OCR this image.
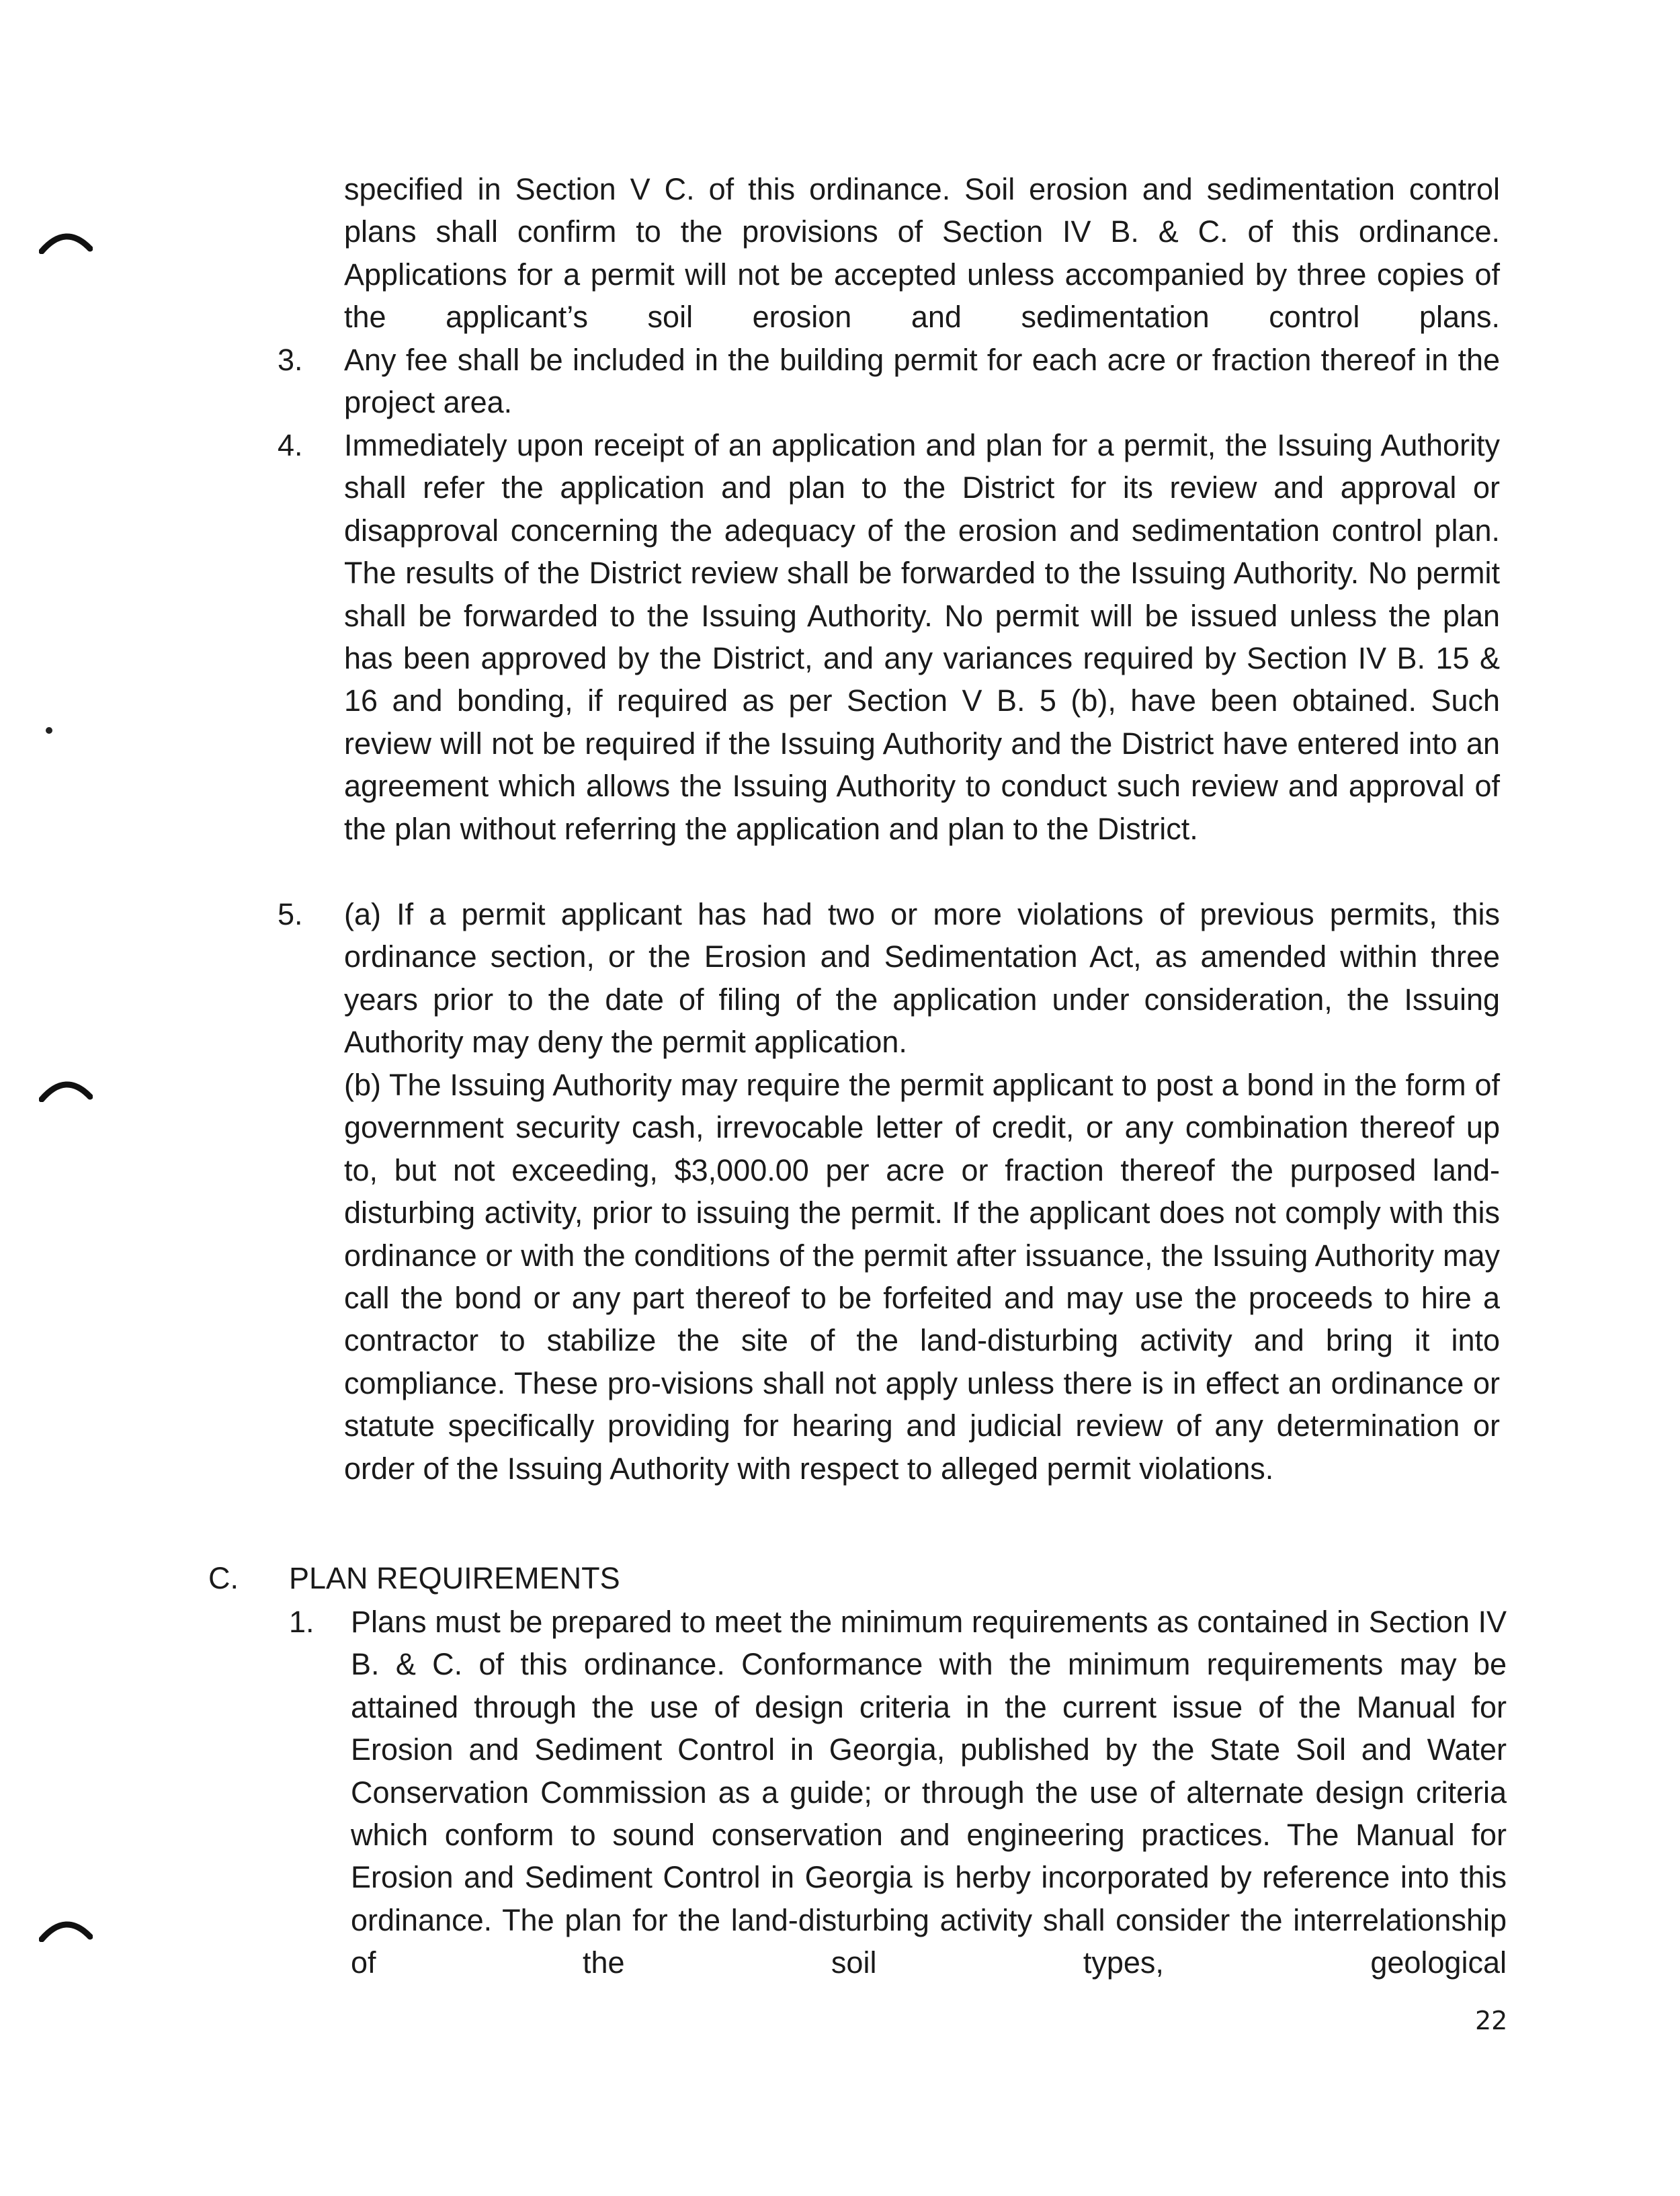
specified in Section V C. of this ordinance. Soil erosion and sedimentation control plans shall confirm to the provisions of Section IV B. & C. of this ordinance. Applications for a permit will not be accepted unless accompanied by three copies of the applicant’s soil erosion and sedimentation control plans.
3. Any fee shall be included in the building permit for each acre or fraction thereof in the project area.
4. Immediately upon receipt of an application and plan for a permit, the Issuing Authority shall refer the application and plan to the District for its review and approval or disapproval concerning the adequacy of the erosion and sedimentation control plan. The results of the District review shall be forwarded to the Issuing Authority. No permit shall be forwarded to the Issuing Authority. No permit will be issued unless the plan has been approved by the District, and any variances required by Section IV B. 15 & 16 and bonding, if required as per Section V B. 5 (b), have been obtained. Such review will not be required if the Issuing Authority and the District have entered into an agreement which allows the Issuing Authority to conduct such review and approval of the plan without referring the application and plan to the District.
5. (a) If a permit applicant has had two or more violations of previous permits, this ordinance section, or the Erosion and Sedimentation Act, as amended within three years prior to the date of filing of the application under consideration, the Issuing Authority may deny the permit application.
(b) The Issuing Authority may require the permit applicant to post a bond in the form of government security cash, irrevocable letter of credit, or any combination thereof up to, but not exceeding, $3,000.00 per acre or fraction thereof the purposed land-disturbing activity, prior to issuing the permit. If the applicant does not comply with this ordinance or with the conditions of the permit after issuance, the Issuing Authority may call the bond or any part thereof to be forfeited and may use the proceeds to hire a contractor to stabilize the site of the land-disturbing activity and bring it into compliance. These pro-visions shall not apply unless there is in effect an ordinance or statute specifically providing for hearing and judicial review of any determination or order of the Issuing Authority with respect to alleged permit violations.
C. PLAN REQUIREMENTS
1. Plans must be prepared to meet the minimum requirements as contained in Section IV B. & C. of this ordinance. Conformance with the minimum requirements may be attained through the use of design criteria in the current issue of the Manual for Erosion and Sediment Control in Georgia, published by the State Soil and Water Conservation Commission as a guide; or through the use of alternate design criteria which conform to sound conservation and engineering practices. The Manual for Erosion and Sediment Control in Georgia is herby incorporated by reference into this ordinance. The plan for the land-disturbing activity shall consider the interrelationship of the soil types, geological
22
